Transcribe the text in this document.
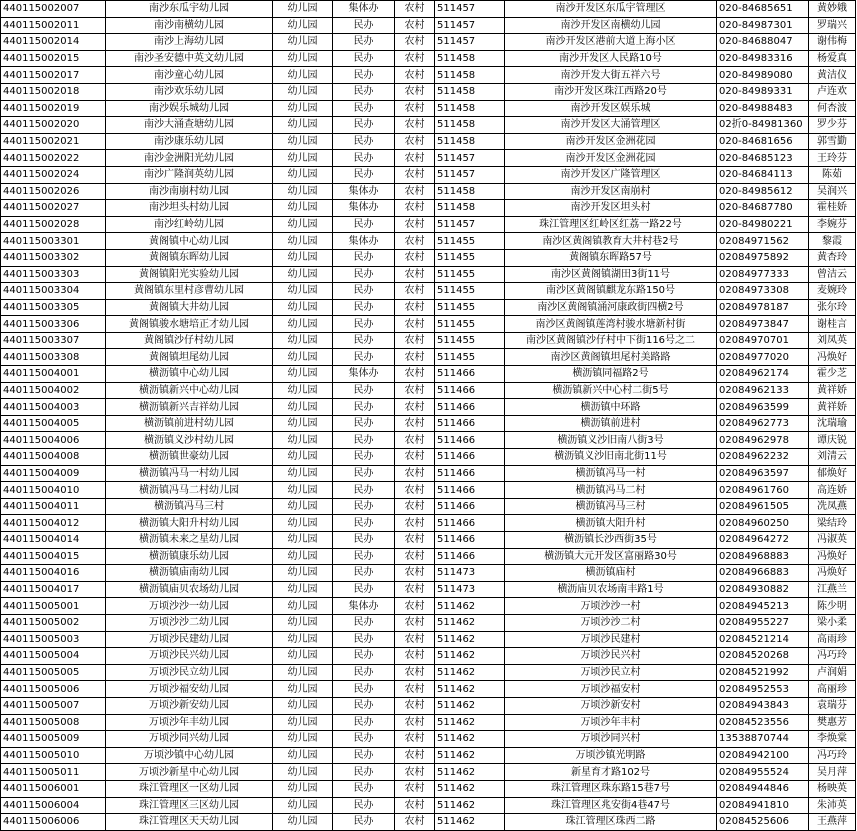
440115002007	南沙东瓜宇幼儿园	幼儿园	集体办	农村	511457	南沙开发区东瓜宇管理区	020-84685651	黄妙娥
440115002011	南沙南横幼儿园	幼儿园	民办	农村	511457	南沙开发区南横幼儿园	020-84987301	罗瑞兴
440115002014	南沙上海幼儿园	幼儿园	民办	农村	511457	南沙开发区港前大道上海小区	020-84688047	谢伟梅
440115002015	南沙圣安德中英文幼儿园	幼儿园	民办	农村	511458	南沙开发区人民路10号	020-84983316	杨爱真
440115002017	南沙童心幼儿园	幼儿园	民办	农村	511458	南沙开发大街五祥六号	020-84989080	黄洁仪
440115002018	南沙欢乐幼儿园	幼儿园	民办	农村	511458	南沙开发区珠江西路20号	020-84989331	卢连欢
440115002019	南沙娱乐城幼儿园	幼儿园	民办	农村	511458	南沙开发区娱乐城	020-84988483	何杏波
440115002020	南沙大涌查塘幼儿园	幼儿园	民办	农村	511458	南沙开发区大涌管理区	02折0-84981360	罗少芬
440115002021	南沙康乐幼儿园	幼儿园	民办	农村	511458	南沙开发区金洲花园	020-84681656	郭雪勤
440115002022	南沙金洲阳光幼儿园	幼儿园	民办	农村	511457	南沙开发区金洲花园	020-84685123	王玲芬
440115002024	南沙广隆润英幼儿园	幼儿园	民办	农村	511457	南沙开发区广隆管理区	020-84684113	陈茹
440115002026	南沙南崩村幼儿园	幼儿园	集体办	农村	511458	南沙开发区南崩村	020-84985612	吴润兴
440115002027	南沙坦头村幼儿园	幼儿园	集体办	农村	511458	南沙开发区坦头村	020-84687780	霍桂娇
440115002028	南沙红岭幼儿园	幼儿园	民办	农村	511457	珠江管理区红岭区红荔一路22号	020-84980221	李婉芬
440115003301	黄阁镇中心幼儿园	幼儿园	集体办	农村	511455	南沙区黄阁镇教育大井村巷2号	02084971562	黎霞
440115003302	黄阁镇东晖幼儿园	幼儿园	民办	农村	511455	黄阁镇东晖路57号	02084975892	黄杏玲
440115003303	黄阁镇阳光实验幼儿园	幼儿园	民办	农村	511455	南沙区黄阁镇湖田3街11号	02084977333	曾洁云
440115003304	黄阁镇东里村彦曹幼儿园	幼儿园	民办	农村	511455	南沙区黄阁镇麒龙东路150号	02084973308	麦婉玲
440115003305	黄阁镇大井幼儿园	幼儿园	民办	农村	511455	南沙区黄阁镇涌河康政街四横2号	02084978187	张尔玲
440115003306	黄阁镇骏水塘培正才幼儿园	幼儿园	民办	农村	511455	南沙区黄阁镇莲湾村骏水塘新村街	02084973847	谢桂言
440115003307	黄阁镇沙仔村幼儿园	幼儿园	民办	农村	511455	南沙区黄阁镇沙仔村中下街116号之二	02084970701	刘凤英
440115003308	黄阁镇坦尾幼儿园	幼儿园	民办	农村	511455	南沙区黄阁镇坦尾村美路路	02084977020	冯焕好
440115004001	横沥镇中心幼儿园	幼儿园	集体办	农村	511466	横沥镇同福路2号	02084962174	霍少芝
440115004002	横沥镇新兴中心幼儿园	幼儿园	民办	农村	511466	横沥镇新兴中心村二街5号	02084962133	黄祥娇
440115004003	横沥镇新兴吉祥幼儿园	幼儿园	民办	农村	511466	横沥镇中环路	02084963599	黄祥娇
440115004005	横沥镇前进村幼儿园	幼儿园	民办	农村	511466	横沥镇前进村	02084962773	沈瑞瑜
440115004006	横沥镇义沙村幼儿园	幼儿园	民办	农村	511466	横沥镇义沙旧南八街3号	02084962978	谭庆锐
440115004008	横沥镇世豪幼儿园	幼儿园	民办	农村	511466	横沥镇义沙旧南北街11号	02084962232	刘清云
440115004009	横沥镇冯马一村幼儿园	幼儿园	民办	农村	511466	横沥镇冯马一村	02084963597	郁焕好
440115004010	横沥镇冯马二村幼儿园	幼儿园	民办	农村	511466	横沥镇冯马二村	02084961760	高连娇
440115004011	横沥镇冯马三村	幼儿园	民办	农村	511466	横沥镇冯马三村	02084961505	冼凤燕
440115004012	横沥镇大阳升村幼儿园	幼儿园	民办	农村	511466	横沥镇大阳升村	02084960250	梁结玲
440115004014	横沥镇未来之星幼儿园	幼儿园	民办	农村	511466	横沥镇长沙西街35号	02084964272	冯淑英
440115004015	横沥镇康乐幼儿园	幼儿园	民办	农村	511466	横沥镇大元开发区富丽路30号	02084968883	冯焕好
440115004016	横沥镇庙南幼儿园	幼儿园	民办	农村	511473	横沥镇庙村	02084966883	冯焕好
440115004017	横沥镇庙贝农场幼儿园	幼儿园	民办	农村	511473	横沥庙贝农场南丰路1号	02084930882	江燕兰
440115005001	万顷沙沙一幼儿园	幼儿园	集体办	农村	511462	万顷沙沙一村	02084945213	陈少明
440115005002	万顷沙沙二幼儿园	幼儿园	民办	农村	511462	万顷沙沙二村	02084955227	梁小柔
440115005003	万顷沙民建幼儿园	幼儿园	民办	农村	511462	万顷沙民建村	02084521214	高雨珍
440115005004	万顷沙民兴幼儿园	幼儿园	民办	农村	511462	万顷沙民兴村	02084520268	冯巧玲
440115005005	万顷沙民立幼儿园	幼儿园	民办	农村	511462	万顷沙民立村	02084521992	卢润娟
440115005006	万顷沙福安幼儿园	幼儿园	民办	农村	511462	万顷沙福安村	02084952553	高丽珍
440115005007	万顷沙新安幼儿园	幼儿园	民办	农村	511462	万顷沙新安村	02084943843	袁瑞芬
440115005008	万顷沙年丰幼儿园	幼儿园	民办	农村	511462	万顷沙年丰村	02084523556	樊惠芳
440115005009	万顷沙同兴幼儿园	幼儿园	民办	农村	511462	万顷沙同兴村	13538870744	李焕棠
440115005010	万顷沙镇中心幼儿园	幼儿园	民办	农村	511462	万顷沙镇光明路	02084942100	冯巧玲
440115005011	万顷沙新星中心幼儿园	幼儿园	民办	农村	511462	新星育才路102号	02084955524	吴月萍
440115006001	珠江管理区一区幼儿园	幼儿园	民办	农村	511462	珠江管理区珠东路15巷7号	02084944846	杨映英
440115006004	珠江管理区三区幼儿园	幼儿园	民办	农村	511462	珠江管理区兆安街4巷47号	02084941810	朱沛英
440115006006	珠江管理区天天幼儿园	幼儿园	民办	农村	511462	珠江管理区珠西二路	02084525606	王燕萍
